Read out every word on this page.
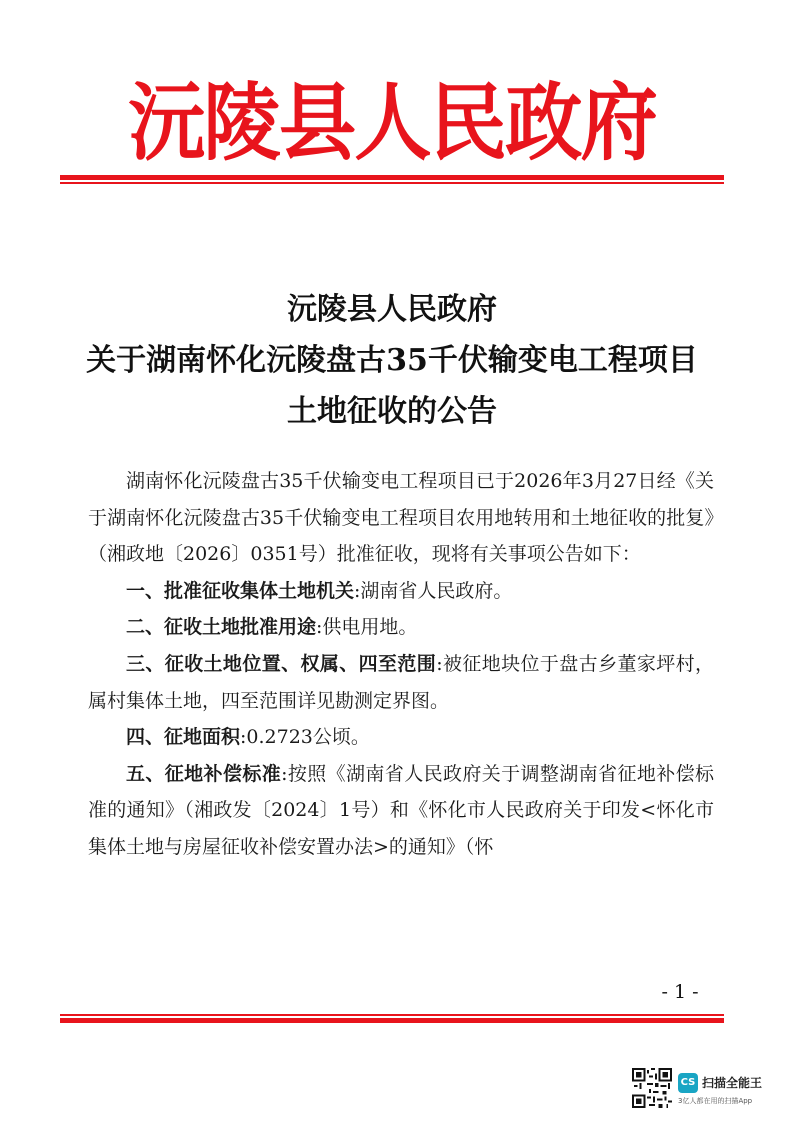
沅陵县人民政府
沅陵县人民政府
关于湖南怀化沅陵盘古35千伏输变电工程项目
土地征收的公告

湖南怀化沅陵盘古35千伏输变电工程项目已于2026年3月27日经《关于湖南怀化沅陵盘古35千伏输变电工程项目农用地转用和土地征收的批复》（湘政地〔2026〕0351号）批准征收，现将有关事项公告如下：

一、批准征收集体土地机关:湖南省人民政府。

二、征收土地批准用途:供电用地。

三、征收土地位置、权属、四至范围:被征地块位于盘古乡董家坪村，属村集体土地，四至范围详见勘测定界图。

四、征地面积:0.2723公顷。

五、征地补偿标准:按照《湖南省人民政府关于调整湖南省征地补偿标准的通知》（湘政发〔2024〕1号）和《怀化市人民政府关于印发<怀化市集体土地与房屋征收补偿安置办法>的通知》（怀

- 1 -
CS 扫描全能王
3亿人都在用的扫描App
